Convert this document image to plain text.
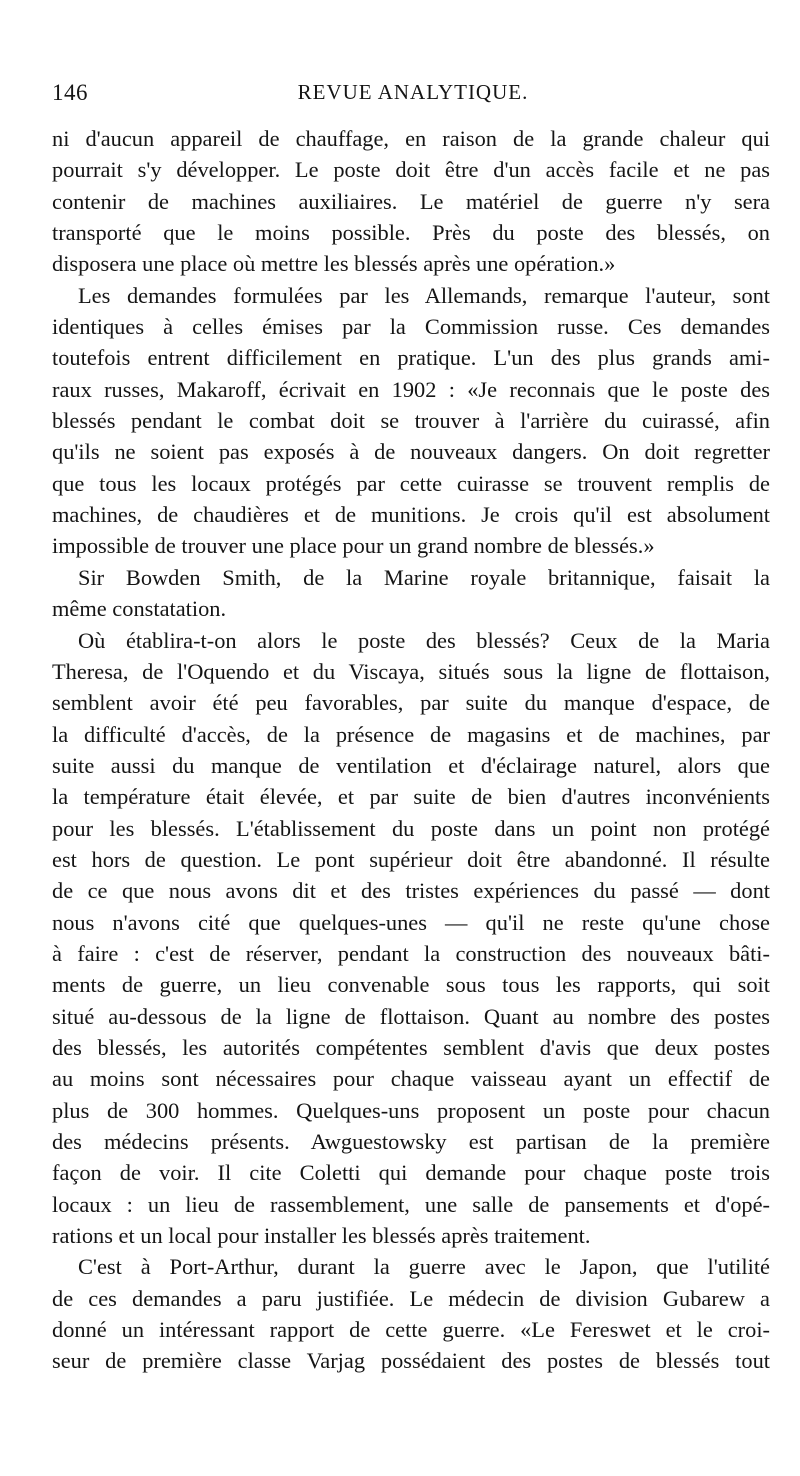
146	REVUE ANALYTIQUE.
ni d'aucun appareil de chauffage, en raison de la grande chaleur qui
pourrait s'y développer. Le poste doit être d'un accès facile et ne pas
contenir de machines auxiliaires. Le matériel de guerre n'y sera
transporté que le moins possible. Près du poste des blessés, on
disposera une place où mettre les blessés après une opération.»
Les demandes formulées par les Allemands, remarque l'auteur, sont
identiques à celles émises par la Commission russe. Ces demandes
toutefois entrent difficilement en pratique. L'un des plus grands ami-
raux russes, Makaroff, écrivait en 1902 : «Je reconnais que le poste des
blessés pendant le combat doit se trouver à l'arrière du cuirassé, afin
qu'ils ne soient pas exposés à de nouveaux dangers. On doit regretter
que tous les locaux protégés par cette cuirasse se trouvent remplis de
machines, de chaudières et de munitions. Je crois qu'il est absolument
impossible de trouver une place pour un grand nombre de blessés.»
Sir Bowden Smith, de la Marine royale britannique, faisait la
même constatation.
Où établira-t-on alors le poste des blessés? Ceux de la Maria
Theresa, de l'Oquendo et du Viscaya, situés sous la ligne de flottaison,
semblent avoir été peu favorables, par suite du manque d'espace, de
la difficulté d'accès, de la présence de magasins et de machines, par
suite aussi du manque de ventilation et d'éclairage naturel, alors que
la température était élevée, et par suite de bien d'autres inconvénients
pour les blessés. L'établissement du poste dans un point non protégé
est hors de question. Le pont supérieur doit être abandonné. Il résulte
de ce que nous avons dit et des tristes expériences du passé — dont
nous n'avons cité que quelques-unes — qu'il ne reste qu'une chose
à faire : c'est de réserver, pendant la construction des nouveaux bâti-
ments de guerre, un lieu convenable sous tous les rapports, qui soit
situé au-dessous de la ligne de flottaison. Quant au nombre des postes
des blessés, les autorités compétentes semblent d'avis que deux postes
au moins sont nécessaires pour chaque vaisseau ayant un effectif de
plus de 300 hommes. Quelques-uns proposent un poste pour chacun
des médecins présents. Awguestowsky est partisan de la première
façon de voir. Il cite Coletti qui demande pour chaque poste trois
locaux : un lieu de rassemblement, une salle de pansements et d'opé-
rations et un local pour installer les blessés après traitement.
C'est à Port-Arthur, durant la guerre avec le Japon, que l'utilité
de ces demandes a paru justifiée. Le médecin de division Gubarew a
donné un intéressant rapport de cette guerre. «Le Fereswet et le croi-
seur de première classe Varjag possédaient des postes de blessés tout
